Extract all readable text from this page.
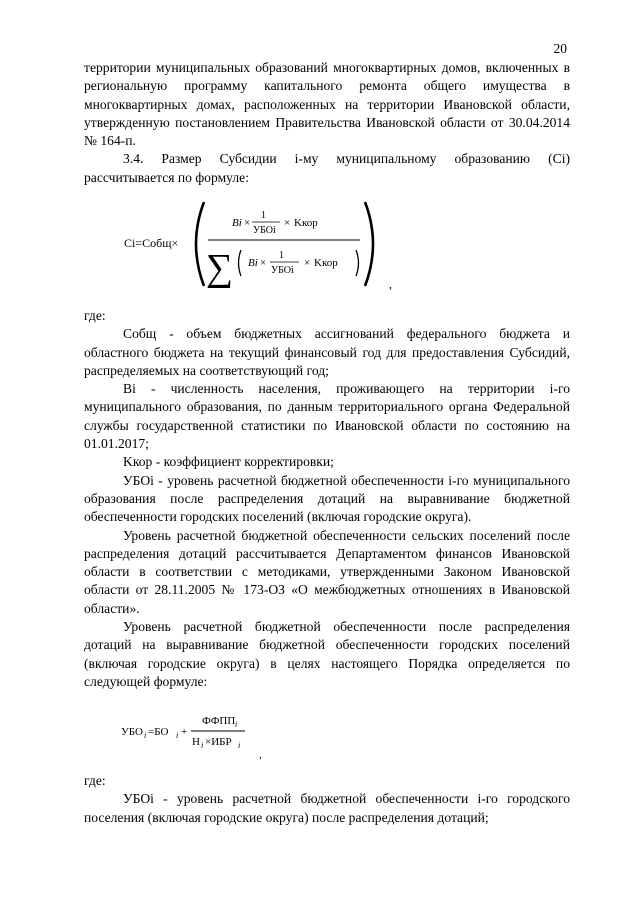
20

территории муниципальных образований многоквартирных домов, включенных в региональную программу капитального ремонта общего имущества в многоквартирных домах, расположенных на территории Ивановской области, утвержденную постановлением Правительства Ивановской области от 30.04.2014 № 164-п.

3.4. Размер Субсидии i-му муниципальному образованию (Ci) рассчитывается по формуле:

Ci=Собщ×
Bi ×
1
УБОi
× Kкор
∑ Bi ×
1
УБОi
× Kкор
,

где:

Cобщ - объем бюджетных ассигнований федерального бюджета и областного бюджета на текущий финансовый год для предоставления Субсидий, распределяемых на соответствующий год;

Bi - численность населения, проживающего на территории i-го муниципального образования, по данным территориального органа Федеральной службы государственной статистики по Ивановской области по состоянию на 01.01.2017;

Kкор - коэффициент корректировки;

УБОi - уровень расчетной бюджетной обеспеченности i-го муниципального образования после распределения дотаций на выравнивание бюджетной обеспеченности городских поселений (включая городские округа).

Уровень расчетной бюджетной обеспеченности сельских поселений после распределения дотаций рассчитывается Департаментом финансов Ивановской области в соответствии с методиками, утвержденными Законом Ивановской области от 28.11.2005 № 173-ОЗ «О межбюджетных отношениях в Ивановской области».

Уровень расчетной бюджетной обеспеченности после распределения дотаций на выравнивание бюджетной обеспеченности городских поселений (включая городские округа) в целях настоящего Порядка определяется по следующей формуле:

УБО i =БО i +
ФФПП i
Н i ×ИБР i
,

где:

УБОi - уровень расчетной бюджетной обеспеченности i-го городского поселения (включая городские округа) после распределения дотаций;
